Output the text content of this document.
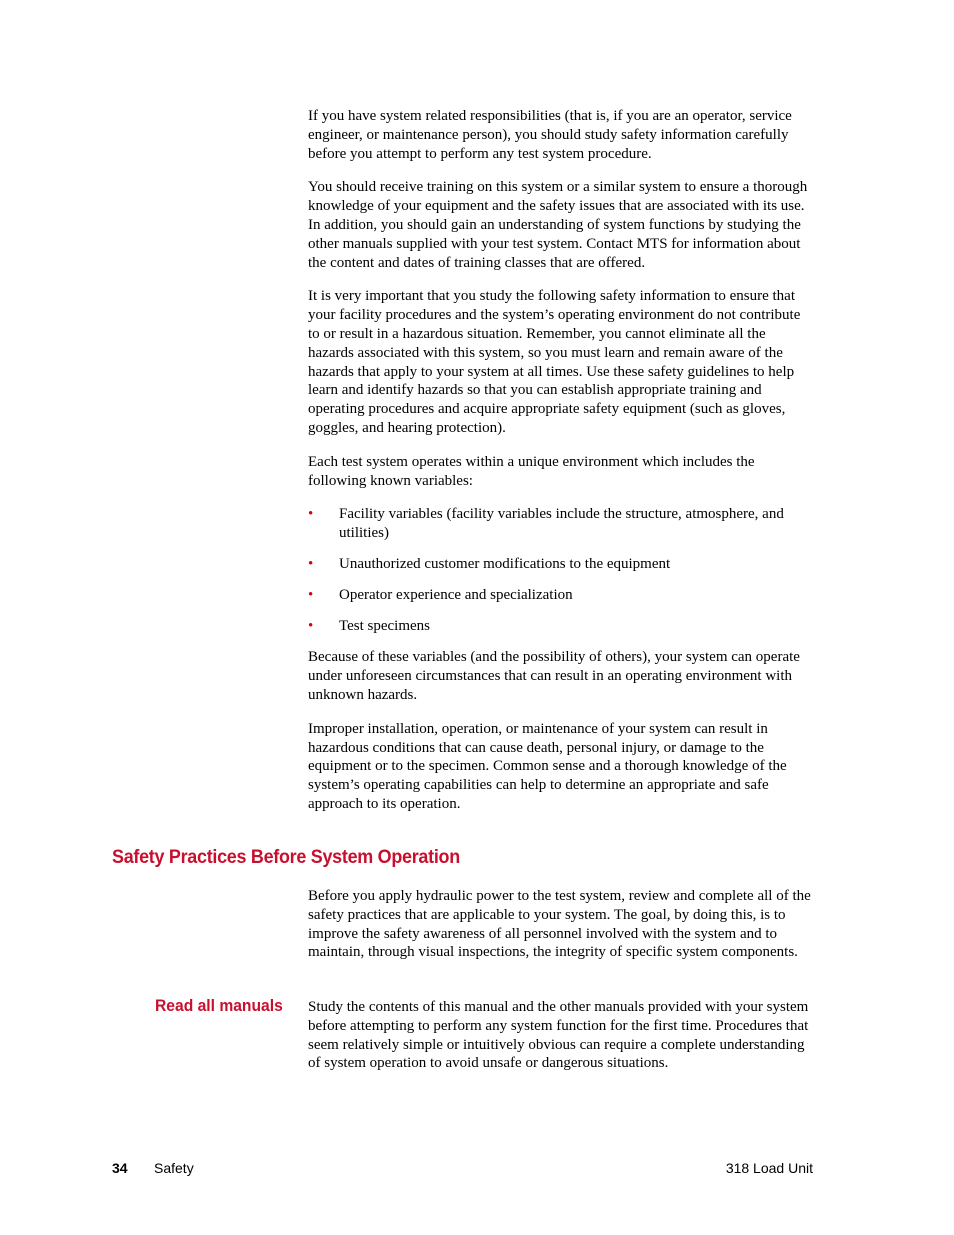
If you have system related responsibilities (that is, if you are an operator, service engineer, or maintenance person), you should study safety information carefully before you attempt to perform any test system procedure.

You should receive training on this system or a similar system to ensure a thorough knowledge of your equipment and the safety issues that are associated with its use. In addition, you should gain an understanding of system functions by studying the other manuals supplied with your test system. Contact MTS for information about the content and dates of training classes that are offered.

It is very important that you study the following safety information to ensure that your facility procedures and the system’s operating environment do not contribute to or result in a hazardous situation. Remember, you cannot eliminate all the hazards associated with this system, so you must learn and remain aware of the hazards that apply to your system at all times. Use these safety guidelines to help learn and identify hazards so that you can establish appropriate training and operating procedures and acquire appropriate safety equipment (such as gloves, goggles, and hearing protection).

Each test system operates within a unique environment which includes the following known variables:

• Facility variables (facility variables include the structure, atmosphere, and utilities)
• Unauthorized customer modifications to the equipment
• Operator experience and specialization
• Test specimens

Because of these variables (and the possibility of others), your system can operate under unforeseen circumstances that can result in an operating environment with unknown hazards.

Improper installation, operation, or maintenance of your system can result in hazardous conditions that can cause death, personal injury, or damage to the equipment or to the specimen. Common sense and a thorough knowledge of the system’s operating capabilities can help to determine an appropriate and safe approach to its operation.

Safety Practices Before System Operation

Before you apply hydraulic power to the test system, review and complete all of the safety practices that are applicable to your system. The goal, by doing this, is to improve the safety awareness of all personnel involved with the system and to maintain, through visual inspections, the integrity of specific system components.

Read all manuals Study the contents of this manual and the other manuals provided with your system before attempting to perform any system function for the first time. Procedures that seem relatively simple or intuitively obvious can require a complete understanding of system operation to avoid unsafe or dangerous situations.

34 Safety	318 Load Unit
